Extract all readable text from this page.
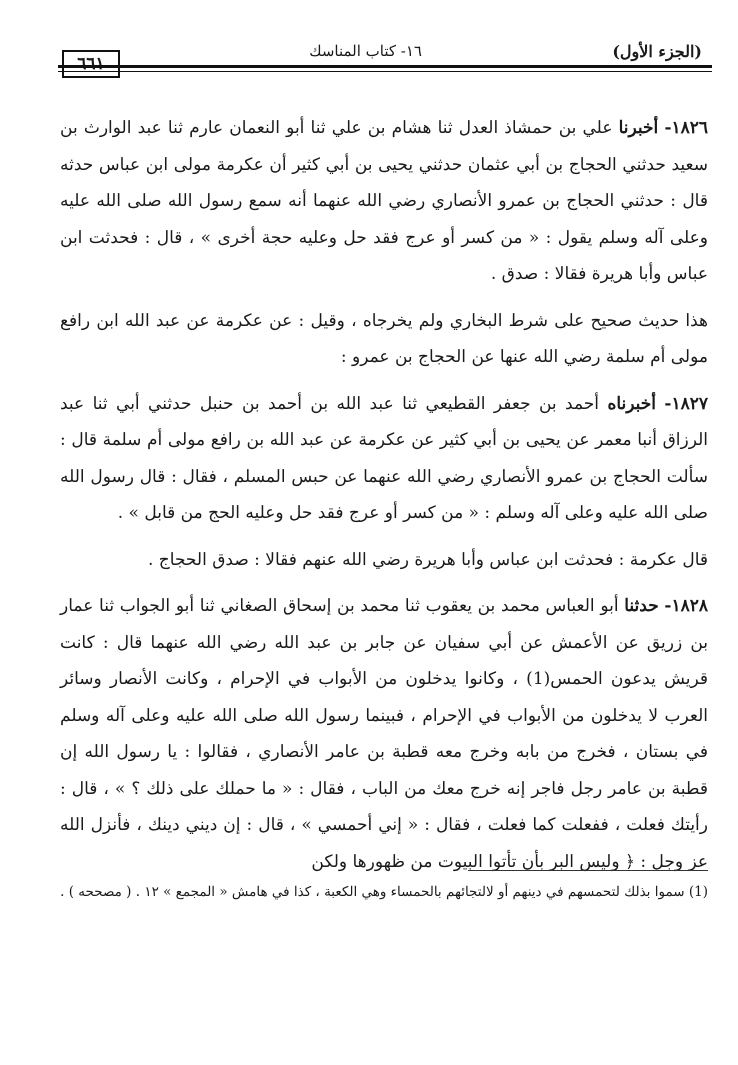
(الجزء الأول)
١٦- كتاب المناسك
٦٦١

١٨٢٦- أخبرنا علي بن حمشاذ العدل ثنا هشام بن علي ثنا أبو النعمان عارم ثنا عبد الوارث بن سعيد حدثني الحجاج بن أبي عثمان حدثني يحيى بن أبي كثير أن عكرمة مولى ابن عباس حدثه قال : حدثني الحجاج بن عمرو الأنصاري رضي الله عنهما أنه سمع رسول الله صلى الله عليه وعلى آله وسلم يقول : « من كسر أو عرج فقد حل وعليه حجة أخرى » ، قال : فحدثت ابن عباس وأبا هريرة فقالا : صدق .

هذا حديث صحيح على شرط البخاري ولم يخرجاه ، وقيل : عن عكرمة عن عبد الله ابن رافع مولى أم سلمة رضي الله عنها عن الحجاج بن عمرو :

١٨٢٧- أخبرناه أحمد بن جعفر القطيعي ثنا عبد الله بن أحمد بن حنبل حدثني أبي ثنا عبد الرزاق أنبا معمر عن يحيى بن أبي كثير عن عكرمة عن عبد الله بن رافع مولى أم سلمة قال : سألت الحجاج بن عمرو الأنصاري رضي الله عنهما عن حبس المسلم ، فقال : قال رسول الله صلى الله عليه وعلى آله وسلم : « من كسر أو عرج فقد حل وعليه الحج من قابل » .

قال عكرمة : فحدثت ابن عباس وأبا هريرة رضي الله عنهم فقالا : صدق الحجاج .

١٨٢٨- حدثنا أبو العباس محمد بن يعقوب ثنا محمد بن إسحاق الصغاني ثنا أبو الجواب ثنا عمار بن زريق عن الأعمش عن أبي سفيان عن جابر بن عبد الله رضي الله عنهما قال : كانت قريش يدعون الحمس(1) ، وكانوا يدخلون من الأبواب في الإحرام ، وكانت الأنصار وسائر العرب لا يدخلون من الأبواب في الإحرام ، فبينما رسول الله صلى الله عليه وعلى آله وسلم في بستان ، فخرج من بابه وخرج معه قطبة بن عامر الأنصاري ، فقالوا : يا رسول الله إن قطبة بن عامر رجل فاجر إنه خرج معك من الباب ، فقال : « ما حملك على ذلك ؟ » ، قال : رأيتك فعلت ، ففعلت كما فعلت ، فقال : « إني أحمسي » ، قال : إن ديني دينك ، فأنزل الله عز وجل : ﴿ وليس البر بأن تأتوا البيوت من ظهورها ولكن

(1) سموا بذلك لتحمسهم في دينهم أو لالتجائهم بالحمساء وهي الكعبة ، كذا في هامش « المجمع » ١٢ . ( مصححه ) .
